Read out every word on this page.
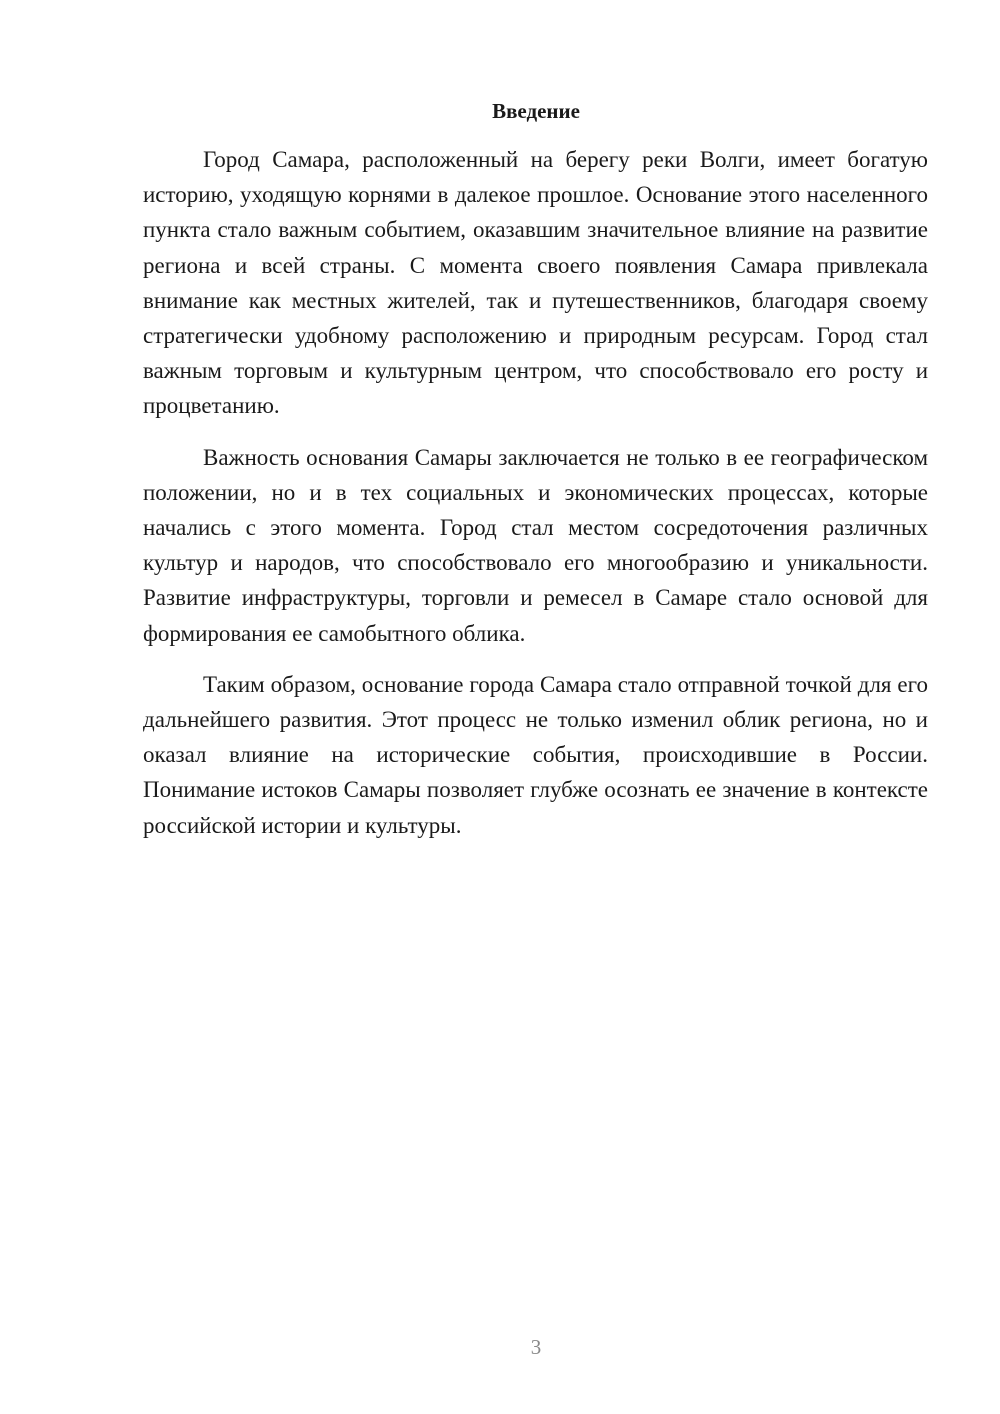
Введение

Город Самара, расположенный на берегу реки Волги, имеет богатую историю, уходящую корнями в далекое прошлое. Основание этого населенного пункта стало важным событием, оказавшим значительное влияние на развитие региона и всей страны. С момента своего появления Самара привлекала внимание как местных жителей, так и путешественников, благодаря своему стратегически удобному расположению и природным ресурсам. Город стал важным торговым и культурным центром, что способствовало его росту и процветанию.

Важность основания Самары заключается не только в ее географическом положении, но и в тех социальных и экономических процессах, которые начались с этого момента. Город стал местом сосредоточения различных культур и народов, что способствовало его многообразию и уникальности. Развитие инфраструктуры, торговли и ремесел в Самаре стало основой для формирования ее самобытного облика.

Таким образом, основание города Самара стало отправной точкой для его дальнейшего развития. Этот процесс не только изменил облик региона, но и оказал влияние на исторические события, происходившие в России. Понимание истоков Самары позволяет глубже осознать ее значение в контексте российской истории и культуры.

3
